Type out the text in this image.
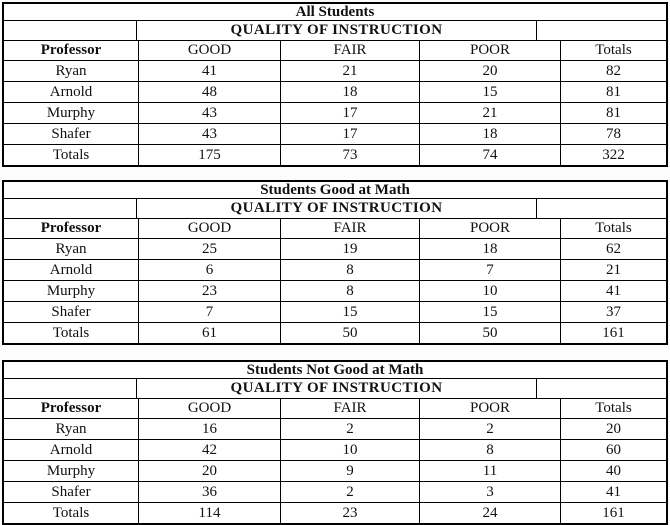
All Students
QUALITY OF INSTRUCTION
Professor	GOOD	FAIR	POOR	Totals
Ryan	41	21	20	82
Arnold	48	18	15	81
Murphy	43	17	21	81
Shafer	43	17	18	78
Totals	175	73	74	322
Students Good at Math
QUALITY OF INSTRUCTION
Professor	GOOD	FAIR	POOR	Totals
Ryan	25	19	18	62
Arnold	6	8	7	21
Murphy	23	8	10	41
Shafer	7	15	15	37
Totals	61	50	50	161
Students Not Good at Math
QUALITY OF INSTRUCTION
Professor	GOOD	FAIR	POOR	Totals
Ryan	16	2	2	20
Arnold	42	10	8	60
Murphy	20	9	11	40
Shafer	36	2	3	41
Totals	114	23	24	161
